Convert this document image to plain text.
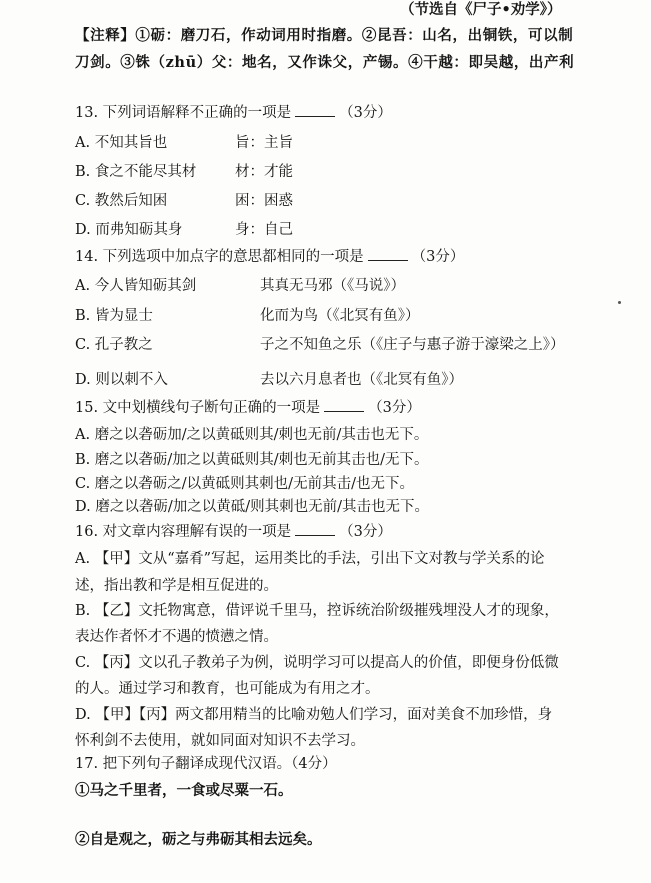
（节选自《尸子•劝学》）
【注释】①砺：磨刀石，作动词用时指磨。②昆吾：山名，出铜铁，可以制
刀剑。③铢（zhū）父：地名，又作诛父，产锡。④干越：即吴越，出产利
13. 下列词语解释不正确的一项是	（3分）
A. 不知其旨也	旨：主旨
B. 食之不能尽其材	材：才能
C. 教然后知困	困：困惑
D. 而弗知砺其身	身：自己
14. 下列选项中加点字的意思都相同的一项是	（3分）
A. 今人皆知砺其剑	其真无马邪（《马说》）
B. 皆为显士	化而为鸟（《北冥有鱼》）
C. 孔子教之	子之不知鱼之乐（《庄子与惠子游于濠梁之上》）
D. 则以刺不入	去以六月息者也（《北冥有鱼》）
15. 文中划横线句子断句正确的一项是	（3分）
A. 磨之以砻砺加/之以黄砥则其/刺也无前/其击也无下。
B. 磨之以砻砺/加之以黄砥则其/刺也无前其击也/无下。
C. 磨之以砻砺之/以黄砥则其刺也/无前其击/也无下。
D. 磨之以砻砺/加之以黄砥/则其刺也无前/其击也无下。
16. 对文章内容理解有误的一项是	（3分）
A. 【甲】文从“嘉肴”写起，运用类比的手法，引出下文对教与学关系的论
述，指出教和学是相互促进的。
B. 【乙】文托物寓意，借评说千里马，控诉统治阶级摧残埋没人才的现象，
表达作者怀才不遇的愤懑之情。
C. 【丙】文以孔子教弟子为例，说明学习可以提高人的价值，即便身份低微
的人。通过学习和教育，也可能成为有用之才。
D. 【甲】【丙】两文都用精当的比喻劝勉人们学习，面对美食不加珍惜，身
怀利剑不去使用，就如同面对知识不去学习。
17. 把下列句子翻译成现代汉语。（4分）
①马之千里者，一食或尽粟一石。
②自是观之，砺之与弗砺其相去远矣。
